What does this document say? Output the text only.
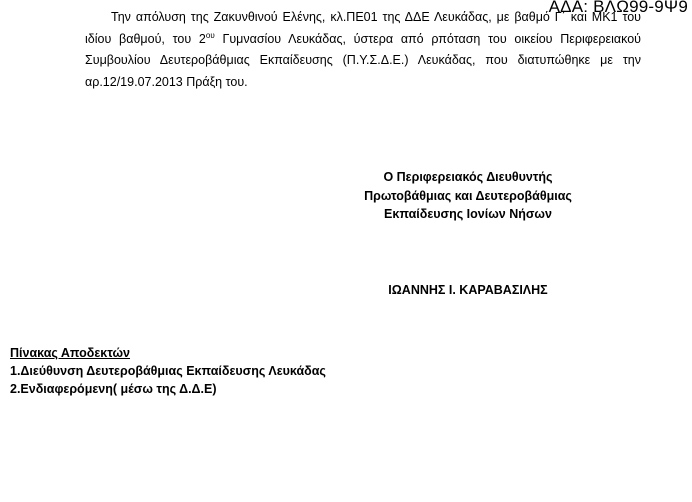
ΑΔΑ: ΒΛΩ99-9Ψ9
Την απόλυση της Ζακυνθινού Ελένης, κλ.ΠΕ01 της ΔΔΕ Λευκάδας, με βαθμό Γ΄ και ΜΚ1 του ιδίου βαθμού, του $2^{o\upsilon}$ Γυμνασίου Λευκάδας, ύστερα από ρπόταση του οικείου Περιφερειακού Συμβουλίου Δευτεροβάθμιας Εκπαίδευσης (Π.Υ.Σ.Δ.Ε.) Λευκάδας, που διατυπώθηκε με την αρ.12/19.07.2013 Πράξη του.
Ο Περιφερειακός Διευθυντής
Πρωτοβάθμιας και Δευτεροβάθμιας
Εκπαίδευσης Ιονίων Νήσων
ΙΩΑΝΝΗΣ Ι. ΚΑΡΑΒΑΣΙΛΗΣ
Πίνακας Αποδεκτών
1.Διεύθυνση Δευτεροβάθμιας Εκπαίδευσης Λευκάδας
2.Ενδιαφερόμενη( μέσω της Δ.Δ.Ε)
